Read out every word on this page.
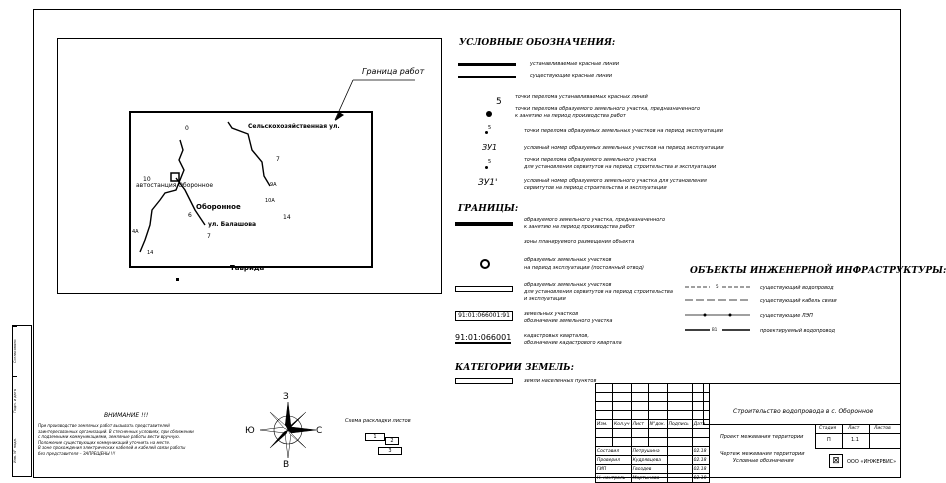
Согласовано
Подп. и дата
Инв. N° подл.
Граница работ
Сельскохозяйственная ул.
автостанция Оборонное
Оборонное
ул. Балашова
Таврида
7
9А
10А
14
10
6
7
4А
14
0
УСЛОВНЫЕ ОБОЗНАЧЕНИЯ:
устанавливаемые красные линии
существующие красные линии
5	точки перелома устанавливаемых красных линий
точки перелома образуемого земельного участка, предназначенного
к занятию на период производства работ
5	точки перелома образуемых земельных участков на период эксплуатации
ЗУ1	условный номер образуемых земельных участков на период эксплуатации
5	точки перелома образуемого земельного участка
для установления сервитутов на период строительства и эксплуатации
ЗУ1'	условный номер образуемого земельного участка для установления
сервитутов на период строительства и эксплуатации
ГРАНИЦЫ:
образуемого земельного участка, предназначенного
к занятию на период производства работ
зоны планируемого размещения объекта
образуемых земельных участков
на период эксплуатации (постоянный отвод)
образуемых земельных участков
для установления сервитутов на период строительства
и эксплуатации
91:01:066001:91	земельных участков
обозначение земельного участка
91:01:066001	кадастровых кварталов,
обозначение кадастрового квартала
КАТЕГОРИИ ЗЕМЕЛЬ:
земли населенных пунктов
ОБЪЕКТЫ ИНЖЕНЕРНОЙ ИНФРАСТРУКТУРЫ:
5
В1
существующий водопровод
существующий кабель связи
существующие ЛЭП
проектируемый водопровод
ВНИМАНИЕ !!!
При производстве земляных работ вызывать представителей
заинтересованных организаций. В стесненных условиях, при сближении
с подземными коммуникациями, земляные работы вести вручную.
Положение существующих коммуникаций уточнить на месте.
В зоне прохождения электрических кабелей и кабелей связи работы
без представителя – ЗАПРЕЩЕНЫ !!!
З
В
Ю	С
Схема раскладки листов
1
2
3

Изм.	Кол.уч	Лист	N°док.	Подпись	Дата

Составил		Петрушина			02.18
Проверил		Кудрявцева			02.18
ГИП		Гвоздев			02.18
Н. контроль		Мартынова			02.18
Строительство водопровода в с. Оборонное
Проект межевания территории
Чертеж межевания территории
Условные обозначения
Стадия	Лист	Листов
П	1.1
⊠	ООО «ИНЖЕРВИС»
